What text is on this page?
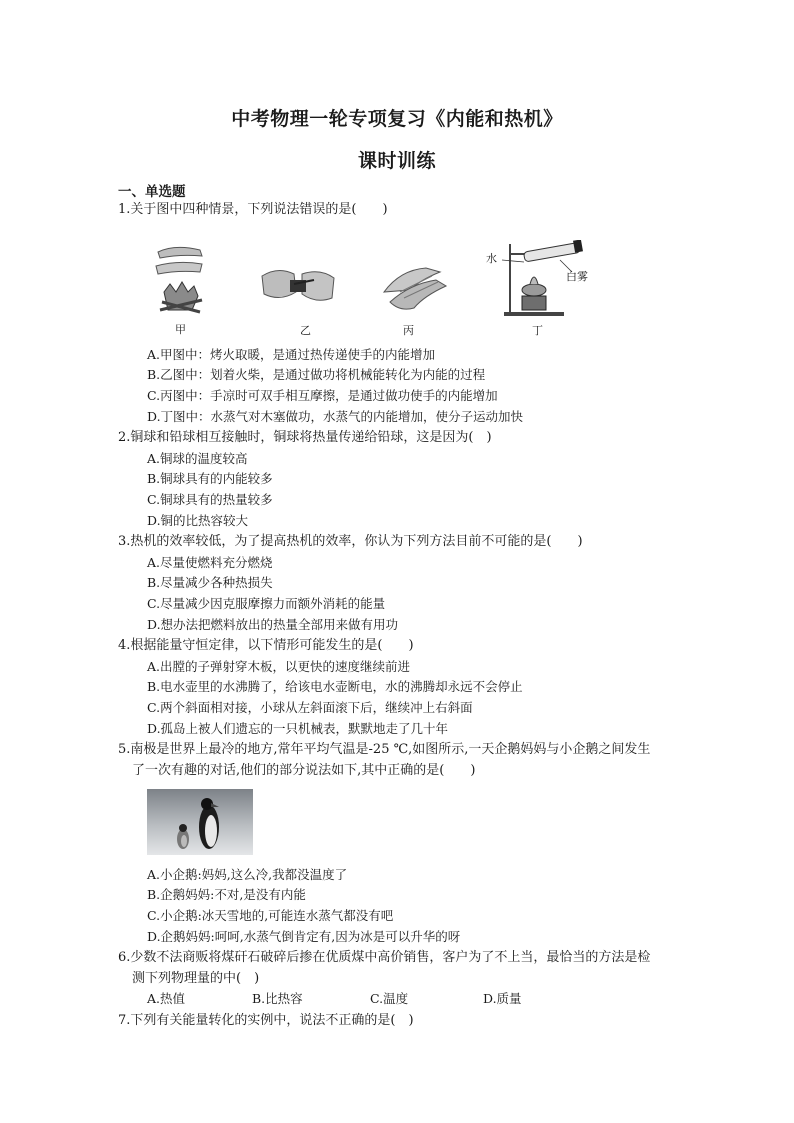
中考物理一轮专项复习《内能和热机》
课时训练
一、单选题
1.关于图中四种情景，下列说法错误的是(　　)
甲	乙	丙
水
白雾
丁
A.甲图中：烤火取暖，是通过热传递使手的内能增加
B.乙图中：划着火柴，是通过做功将机械能转化为内能的过程
C.丙图中：手凉时可双手相互摩擦，是通过做功使手的内能增加
D.丁图中：水蒸气对木塞做功，水蒸气的内能增加，使分子运动加快
2.铜球和铅球相互接触时，铜球将热量传递给铅球，这是因为(　)
A.铜球的温度较高
B.铜球具有的内能较多
C.铜球具有的热量较多
D.铜的比热容较大
3.热机的效率较低，为了提高热机的效率，你认为下列方法目前不可能的是(　　)
A.尽量使燃料充分燃烧
B.尽量减少各种热损失
C.尽量减少因克服摩擦力而额外消耗的能量
D.想办法把燃料放出的热量全部用来做有用功
4.根据能量守恒定律，以下情形可能发生的是(　　)
A.出膛的子弹射穿木板，以更快的速度继续前进
B.电水壶里的水沸腾了，给该电水壶断电，水的沸腾却永远不会停止
C.两个斜面相对接，小球从左斜面滚下后，继续冲上右斜面
D.孤岛上被人们遗忘的一只机械表，默默地走了几十年
5.南极是世界上最冷的地方,常年平均气温是-25 ℃,如图所示,一天企鹅妈妈与小企鹅之间发生
了一次有趣的对话,他们的部分说法如下,其中正确的是(　　)
A.小企鹅:妈妈,这么冷,我都没温度了
B.企鹅妈妈:不对,是没有内能
C.小企鹅:冰天雪地的,可能连水蒸气都没有吧
D.企鹅妈妈:呵呵,水蒸气倒肯定有,因为冰是可以升华的呀
6.少数不法商贩将煤矸石破碎后掺在优质煤中高价销售，客户为了不上当，最恰当的方法是检
测下列物理量的中(　)
A.热值	B.比热容	C.温度	D.质量
7.下列有关能量转化的实例中，说法不正确的是(　)
